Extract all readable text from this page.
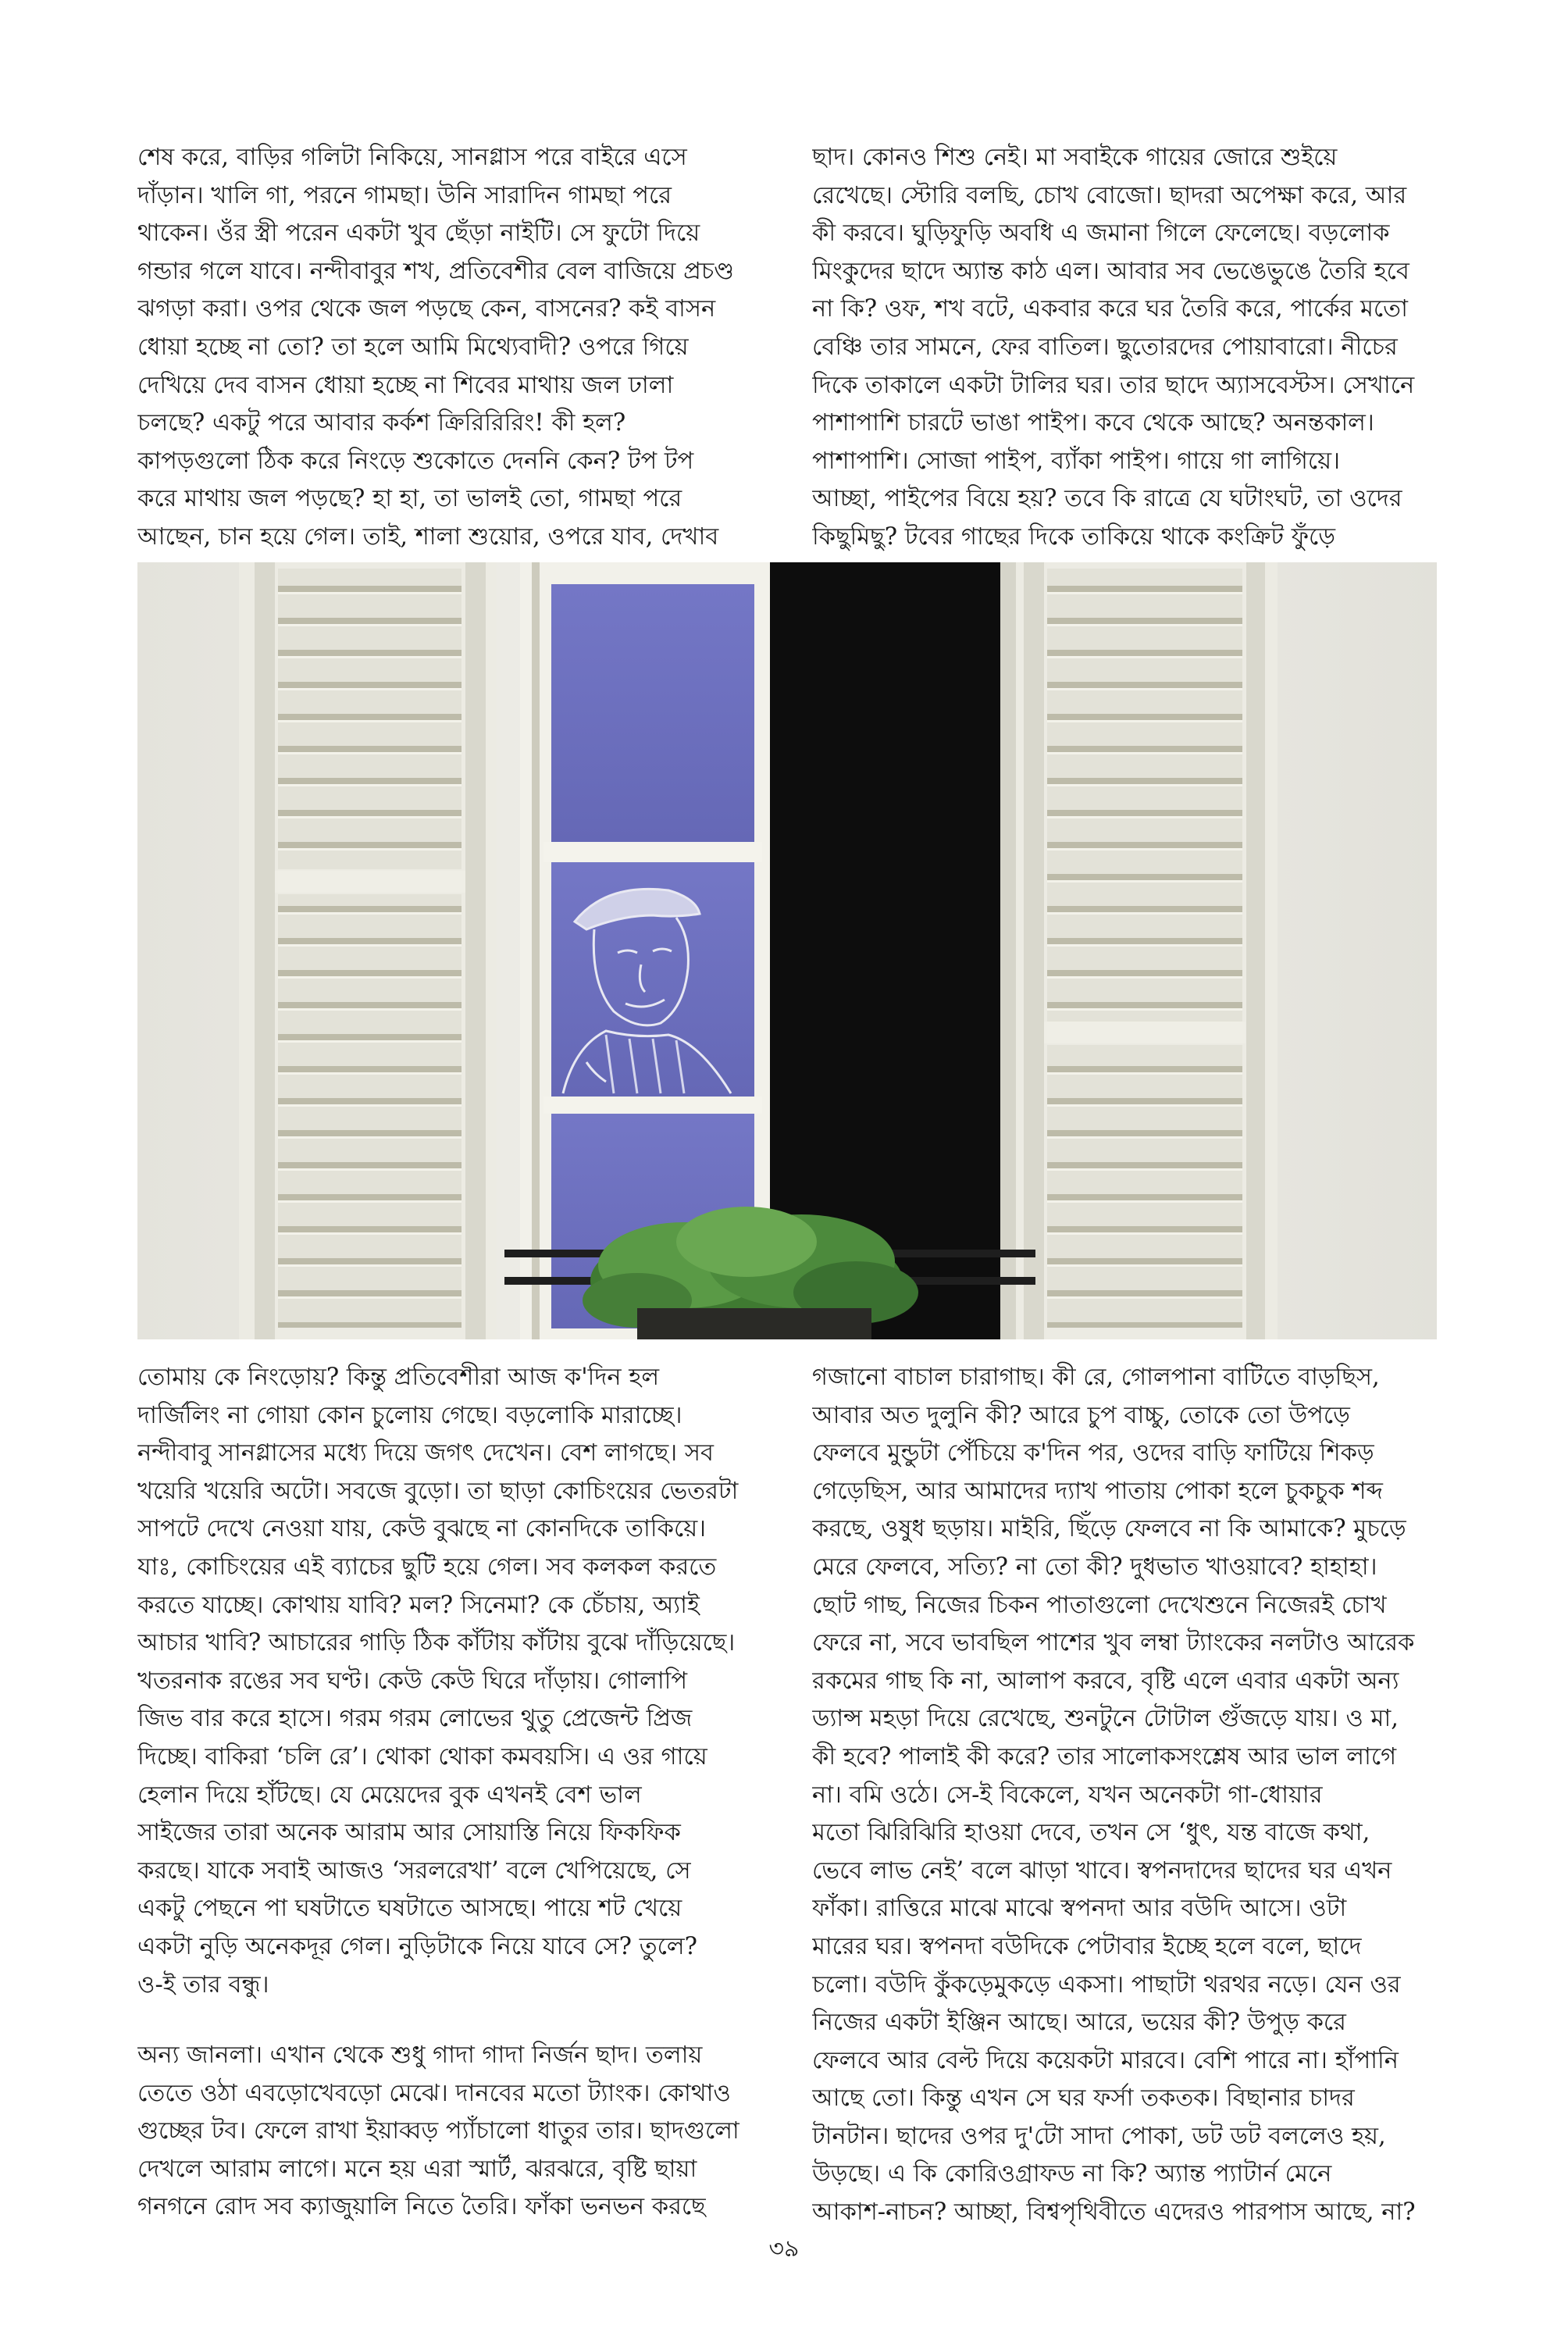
শেষ করে, বাড়ির গলিটা নিকিয়ে, সানগ্লাস পরে বাইরে এসে
দাঁড়ান। খালি গা, পরনে গামছা। উনি সারাদিন গামছা পরে
থাকেন। ওঁর স্ত্রী পরেন একটা খুব ছেঁড়া নাইটি। সে ফুটো দিয়ে
গন্ডার গলে যাবে। নন্দীবাবুর শখ, প্রতিবেশীর বেল বাজিয়ে প্রচণ্ড
ঝগড়া করা। ওপর থেকে জল পড়ছে কেন, বাসনের? কই বাসন
ধোয়া হচ্ছে না তো? তা হলে আমি মিথ্যেবাদী? ওপরে গিয়ে
দেখিয়ে দেব বাসন ধোয়া হচ্ছে না শিবের মাথায় জল ঢালা
চলছে? একটু পরে আবার কর্কশ ক্রিরিরিরিং! কী হল?
কাপড়গুলো ঠিক করে নিংড়ে শুকোতে দেননি কেন? টপ টপ
করে মাথায় জল পড়ছে? হা হা, তা ভালই তো, গামছা পরে
আছেন, চান হয়ে গেল। তাই, শালা শুয়োর, ওপরে যাব, দেখাব
ছাদ। কোনও শিশু নেই। মা সবাইকে গায়ের জোরে শুইয়ে
রেখেছে। স্টোরি বলছি, চোখ বোজো। ছাদরা অপেক্ষা করে, আর
কী করবে। ঘুড়িফুড়ি অবধি এ জমানা গিলে ফেলেছে। বড়লোক
মিংকুদের ছাদে অ্যান্ত কাঠ এল। আবার সব ভেঙেভুঙে তৈরি হবে
না কি? ওফ, শখ বটে, একবার করে ঘর তৈরি করে, পার্কের মতো
বেঞ্চি তার সামনে, ফের বাতিল। ছুতোরদের পোয়াবারো। নীচের
দিকে তাকালে একটা টালির ঘর। তার ছাদে অ্যাসবেস্টস। সেখানে
পাশাপাশি চারটে ভাঙা পাইপ। কবে থেকে আছে? অনন্তকাল।
পাশাপাশি। সোজা পাইপ, ব্যাঁকা পাইপ। গায়ে গা লাগিয়ে।
আচ্ছা, পাইপের বিয়ে হয়? তবে কি রাত্রে যে ঘটাংঘট, তা ওদের
কিছুমিছু? টবের গাছের দিকে তাকিয়ে থাকে কংক্রিট ফুঁড়ে
তোমায় কে নিংড়োয়? কিন্তু প্রতিবেশীরা আজ ক'দিন হল
দার্জিলিং না গোয়া কোন চুলোয় গেছে। বড়লোকি মারাচ্ছে।
নন্দীবাবু সানগ্লাসের মধ্যে দিয়ে জগৎ দেখেন। বেশ লাগছে। সব
খয়েরি খয়েরি অটো। সবজে বুড়ো। তা ছাড়া কোচিংয়ের ভেতরটা
সাপটে দেখে নেওয়া যায়, কেউ বুঝছে না কোনদিকে তাকিয়ে।
যাঃ, কোচিংয়ের এই ব্যাচের ছুটি হয়ে গেল। সব কলকল করতে
করতে যাচ্ছে। কোথায় যাবি? মল? সিনেমা? কে চেঁচায়, অ্যাই
আচার খাবি? আচারের গাড়ি ঠিক কাঁটায় কাঁটায় বুঝে দাঁড়িয়েছে।
খতরনাক রঙের সব ঘণ্ট। কেউ কেউ ঘিরে দাঁড়ায়। গোলাপি
জিভ বার করে হাসে। গরম গরম লোভের থুতু প্রেজেন্ট প্রিজ
দিচ্ছে। বাকিরা ‘চলি রে’। থোকা থোকা কমবয়সি। এ ওর গায়ে
হেলান দিয়ে হাঁটছে। যে মেয়েদের বুক এখনই বেশ ভাল
সাইজের তারা অনেক আরাম আর সোয়াস্তি নিয়ে ফিকফিক
করছে। যাকে সবাই আজও ‘সরলরেখা’ বলে খেপিয়েছে, সে
একটু পেছনে পা ঘষটাতে ঘষটাতে আসছে। পায়ে শট খেয়ে
একটা নুড়ি অনেকদূর গেল। নুড়িটাকে নিয়ে যাবে সে? তুলে?
ও-ই তার বন্ধু।
অন্য জানলা। এখান থেকে শুধু গাদা গাদা নির্জন ছাদ। তলায়
তেতে ওঠা এবড়োখেবড়ো মেঝে। দানবের মতো ট্যাংক। কোথাও
গুচ্ছের টব। ফেলে রাখা ইয়াব্বড় প্যাঁচালো ধাতুর তার। ছাদগুলো
দেখলে আরাম লাগে। মনে হয় এরা স্মার্ট, ঝরঝরে, বৃষ্টি ছায়া
গনগনে রোদ সব ক্যাজুয়ালি নিতে তৈরি। ফাঁকা ভনভন করছে
গজানো বাচাল চারাগাছ। কী রে, গোলপানা বাটিতে বাড়ছিস,
আবার অত দুলুনি কী? আরে চুপ বাচ্চু, তোকে তো উপড়ে
ফেলবে মুন্ডুটা পেঁচিয়ে ক'দিন পর, ওদের বাড়ি ফাটিয়ে শিকড়
গেড়েছিস, আর আমাদের দ্যাখ পাতায় পোকা হলে চুকচুক শব্দ
করছে, ওষুধ ছড়ায়। মাইরি, ছিঁড়ে ফেলবে না কি আমাকে? মুচড়ে
মেরে ফেলবে, সত্যি? না তো কী? দুধভাত খাওয়াবে? হাহাহা।
ছোট গাছ, নিজের চিকন পাতাগুলো দেখেশুনে নিজেরই চোখ
ফেরে না, সবে ভাবছিল পাশের খুব লম্বা ট্যাংকের নলটাও আরেক
রকমের গাছ কি না, আলাপ করবে, বৃষ্টি এলে এবার একটা অন্য
ড্যান্স মহড়া দিয়ে রেখেছে, শুনটুনে টোটাল গুঁজড়ে যায়। ও মা,
কী হবে? পালাই কী করে? তার সালোকসংশ্লেষ আর ভাল লাগে
না। বমি ওঠে। সে-ই বিকেলে, যখন অনেকটা গা-ধোয়ার
মতো ঝিরিঝিরি হাওয়া দেবে, তখন সে ‘ধুৎ, যন্ত বাজে কথা,
ভেবে লাভ নেই’ বলে ঝাড়া খাবে। স্বপনদাদের ছাদের ঘর এখন
ফাঁকা। রাত্তিরে মাঝে মাঝে স্বপনদা আর বউদি আসে। ওটা
মারের ঘর। স্বপনদা বউদিকে পেটাবার ইচ্ছে হলে বলে, ছাদে
চলো। বউদি কুঁকড়েমুকড়ে একসা। পাছাটা থরথর নড়ে। যেন ওর
নিজের একটা ইঞ্জিন আছে। আরে, ভয়ের কী? উপুড় করে
ফেলবে আর বেল্ট দিয়ে কয়েকটা মারবে। বেশি পারে না। হাঁপানি
আছে তো। কিন্তু এখন সে ঘর ফর্সা তকতক। বিছানার চাদর
টানটান। ছাদের ওপর দু'টো সাদা পোকা, ডট ডট বললেও হয়,
উড়ছে। এ কি কোরিওগ্রাফড না কি? অ্যান্ত প্যাটার্ন মেনে
আকাশ-নাচন? আচ্ছা, বিশ্বপৃথিবীতে এদেরও পারপাস আছে, না?
৩৯
